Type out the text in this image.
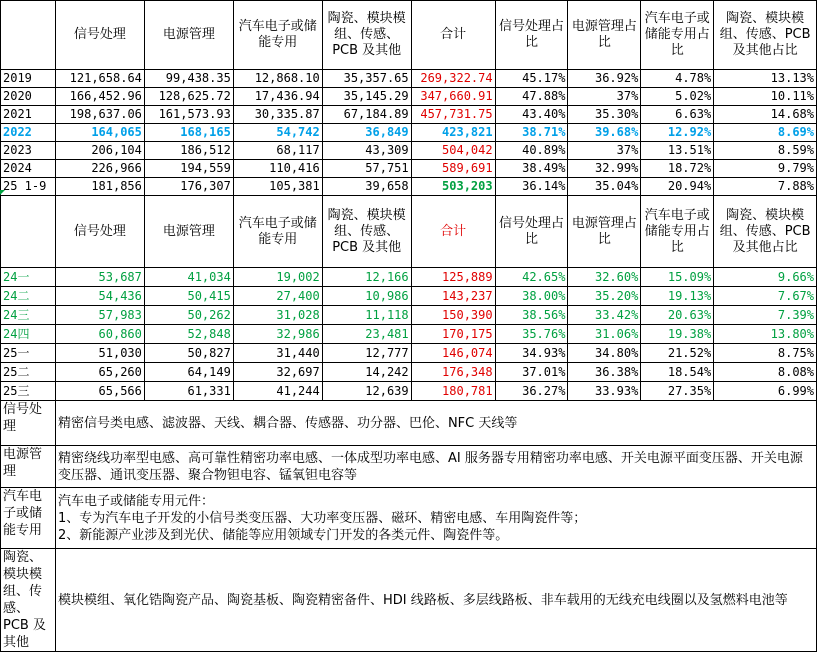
	信号处理	电源管理	汽车电子或储能专用	陶瓷、模块模组、传感、PCB 及其他	合计	信号处理占比	电源管理占比	汽车电子或储能专用占比	陶瓷、模块模组、传感、PCB 及其他占比
2019	121,658.64	99,438.35	12,868.10	35,357.65	269,322.74	45.17%	36.92%	4.78%	13.13%
2020	166,452.96	128,625.72	17,436.94	35,145.29	347,660.91	47.88%	37%	5.02%	10.11%
2021	198,637.06	161,573.93	30,335.87	67,184.89	457,731.75	43.40%	35.30%	6.63%	14.68%
2022	164,065	168,165	54,742	36,849	423,821	38.71%	39.68%	12.92%	8.69%
2023	206,104	186,512	68,117	43,309	504,042	40.89%	37%	13.51%	8.59%
2024	226,966	194,559	110,416	57,751	589,691	38.49%	32.99%	18.72%	9.79%
25 1-9	181,856	176,307	105,381	39,658	503,203	36.14%	35.04%	20.94%	7.88%
	信号处理	电源管理	汽车电子或储能专用	陶瓷、模块模组、传感、PCB 及其他	合计	信号处理占比	电源管理占比	汽车电子或储能专用占比	陶瓷、模块模组、传感、PCB 及其他占比
24一	53,687	41,034	19,002	12,166	125,889	42.65%	32.60%	15.09%	9.66%
24二	54,436	50,415	27,400	10,986	143,237	38.00%	35.20%	19.13%	7.67%
24三	57,983	50,262	31,028	11,118	150,390	38.56%	33.42%	20.63%	7.39%
24四	60,860	52,848	32,986	23,481	170,175	35.76%	31.06%	19.38%	13.80%
25一	51,030	50,827	31,440	12,777	146,074	34.93%	34.80%	21.52%	8.75%
25二	65,260	64,149	32,697	14,242	176,348	37.01%	36.38%	18.54%	8.08%
25三	65,566	61,331	41,244	12,639	180,781	36.27%	33.93%	27.35%	6.99%
信号处理	精密信号类电感、滤波器、天线、耦合器、传感器、功分器、巴伦、NFC 天线等								
电源管理	精密绕线功率型电感、高可靠性精密功率电感、一体成型功率电感、AI 服务器专用精密功率电感、开关电源平面变压器、开关电源变压器、通讯变压器、聚合物钽电容、锰氧钽电容等								
汽车电子或储能专用	汽车电子或储能专用元件：
1、专为汽车电子开发的小信号类变压器、大功率变压器、磁环、精密电感、车用陶瓷件等；
2、新能源产业涉及到光伏、储能等应用领域专门开发的各类元件、陶瓷件等。								
陶瓷、模块模组、传感、PCB 及其他	模块模组、氧化锆陶瓷产品、陶瓷基板、陶瓷精密备件、HDI 线路板、多层线路板、非车载用的无线充电线圈以及氢燃料电池等								
